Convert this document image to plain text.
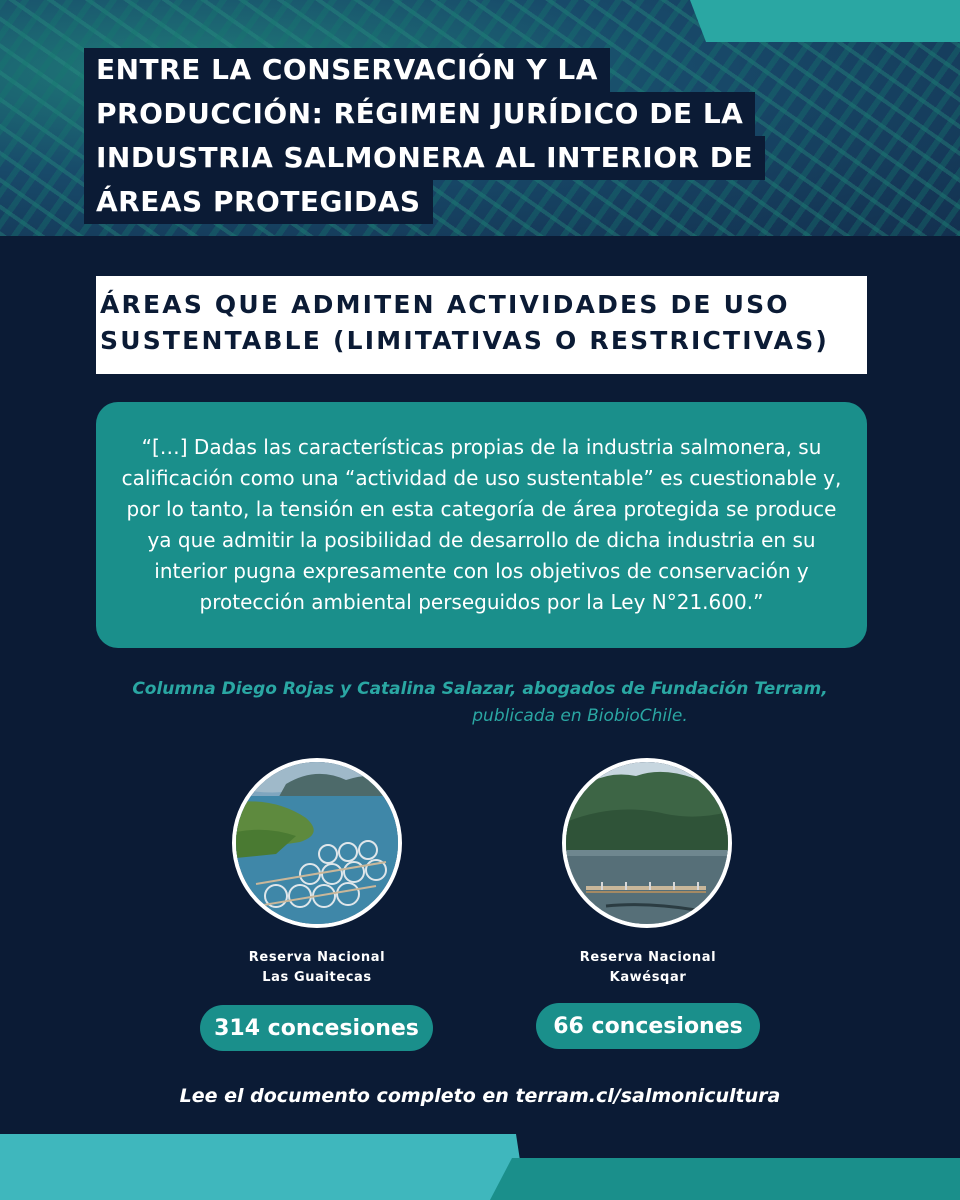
ENTRE LA CONSERVACIÓN Y LA
PRODUCCIÓN: RÉGIMEN JURÍDICO DE LA
INDUSTRIA SALMONERA AL INTERIOR DE
ÁREAS PROTEGIDAS
ÁREAS QUE ADMITEN ACTIVIDADES DE USO
SUSTENTABLE (LIMITATIVAS O RESTRICTIVAS)

“[…] Dadas las características propias de la industria salmonera, su calificación como una “actividad de uso sustentable” es cuestionable y, por lo tanto, la tensión en esta categoría de área protegida se produce ya que admitir la posibilidad de desarrollo de dicha industria en su interior pugna expresamente con los objetivos de conservación y protección ambiental perseguidos por la Ley N°21.600.”

Columna Diego Rojas y Catalina Salazar, abogados de Fundación Terram,
publicada en BiobioChile.
Reserva Nacional
Las Guaitecas
Reserva Nacional
Kawésqar
314 concesiones	66 concesiones
Lee el documento completo en terram.cl/salmonicultura
